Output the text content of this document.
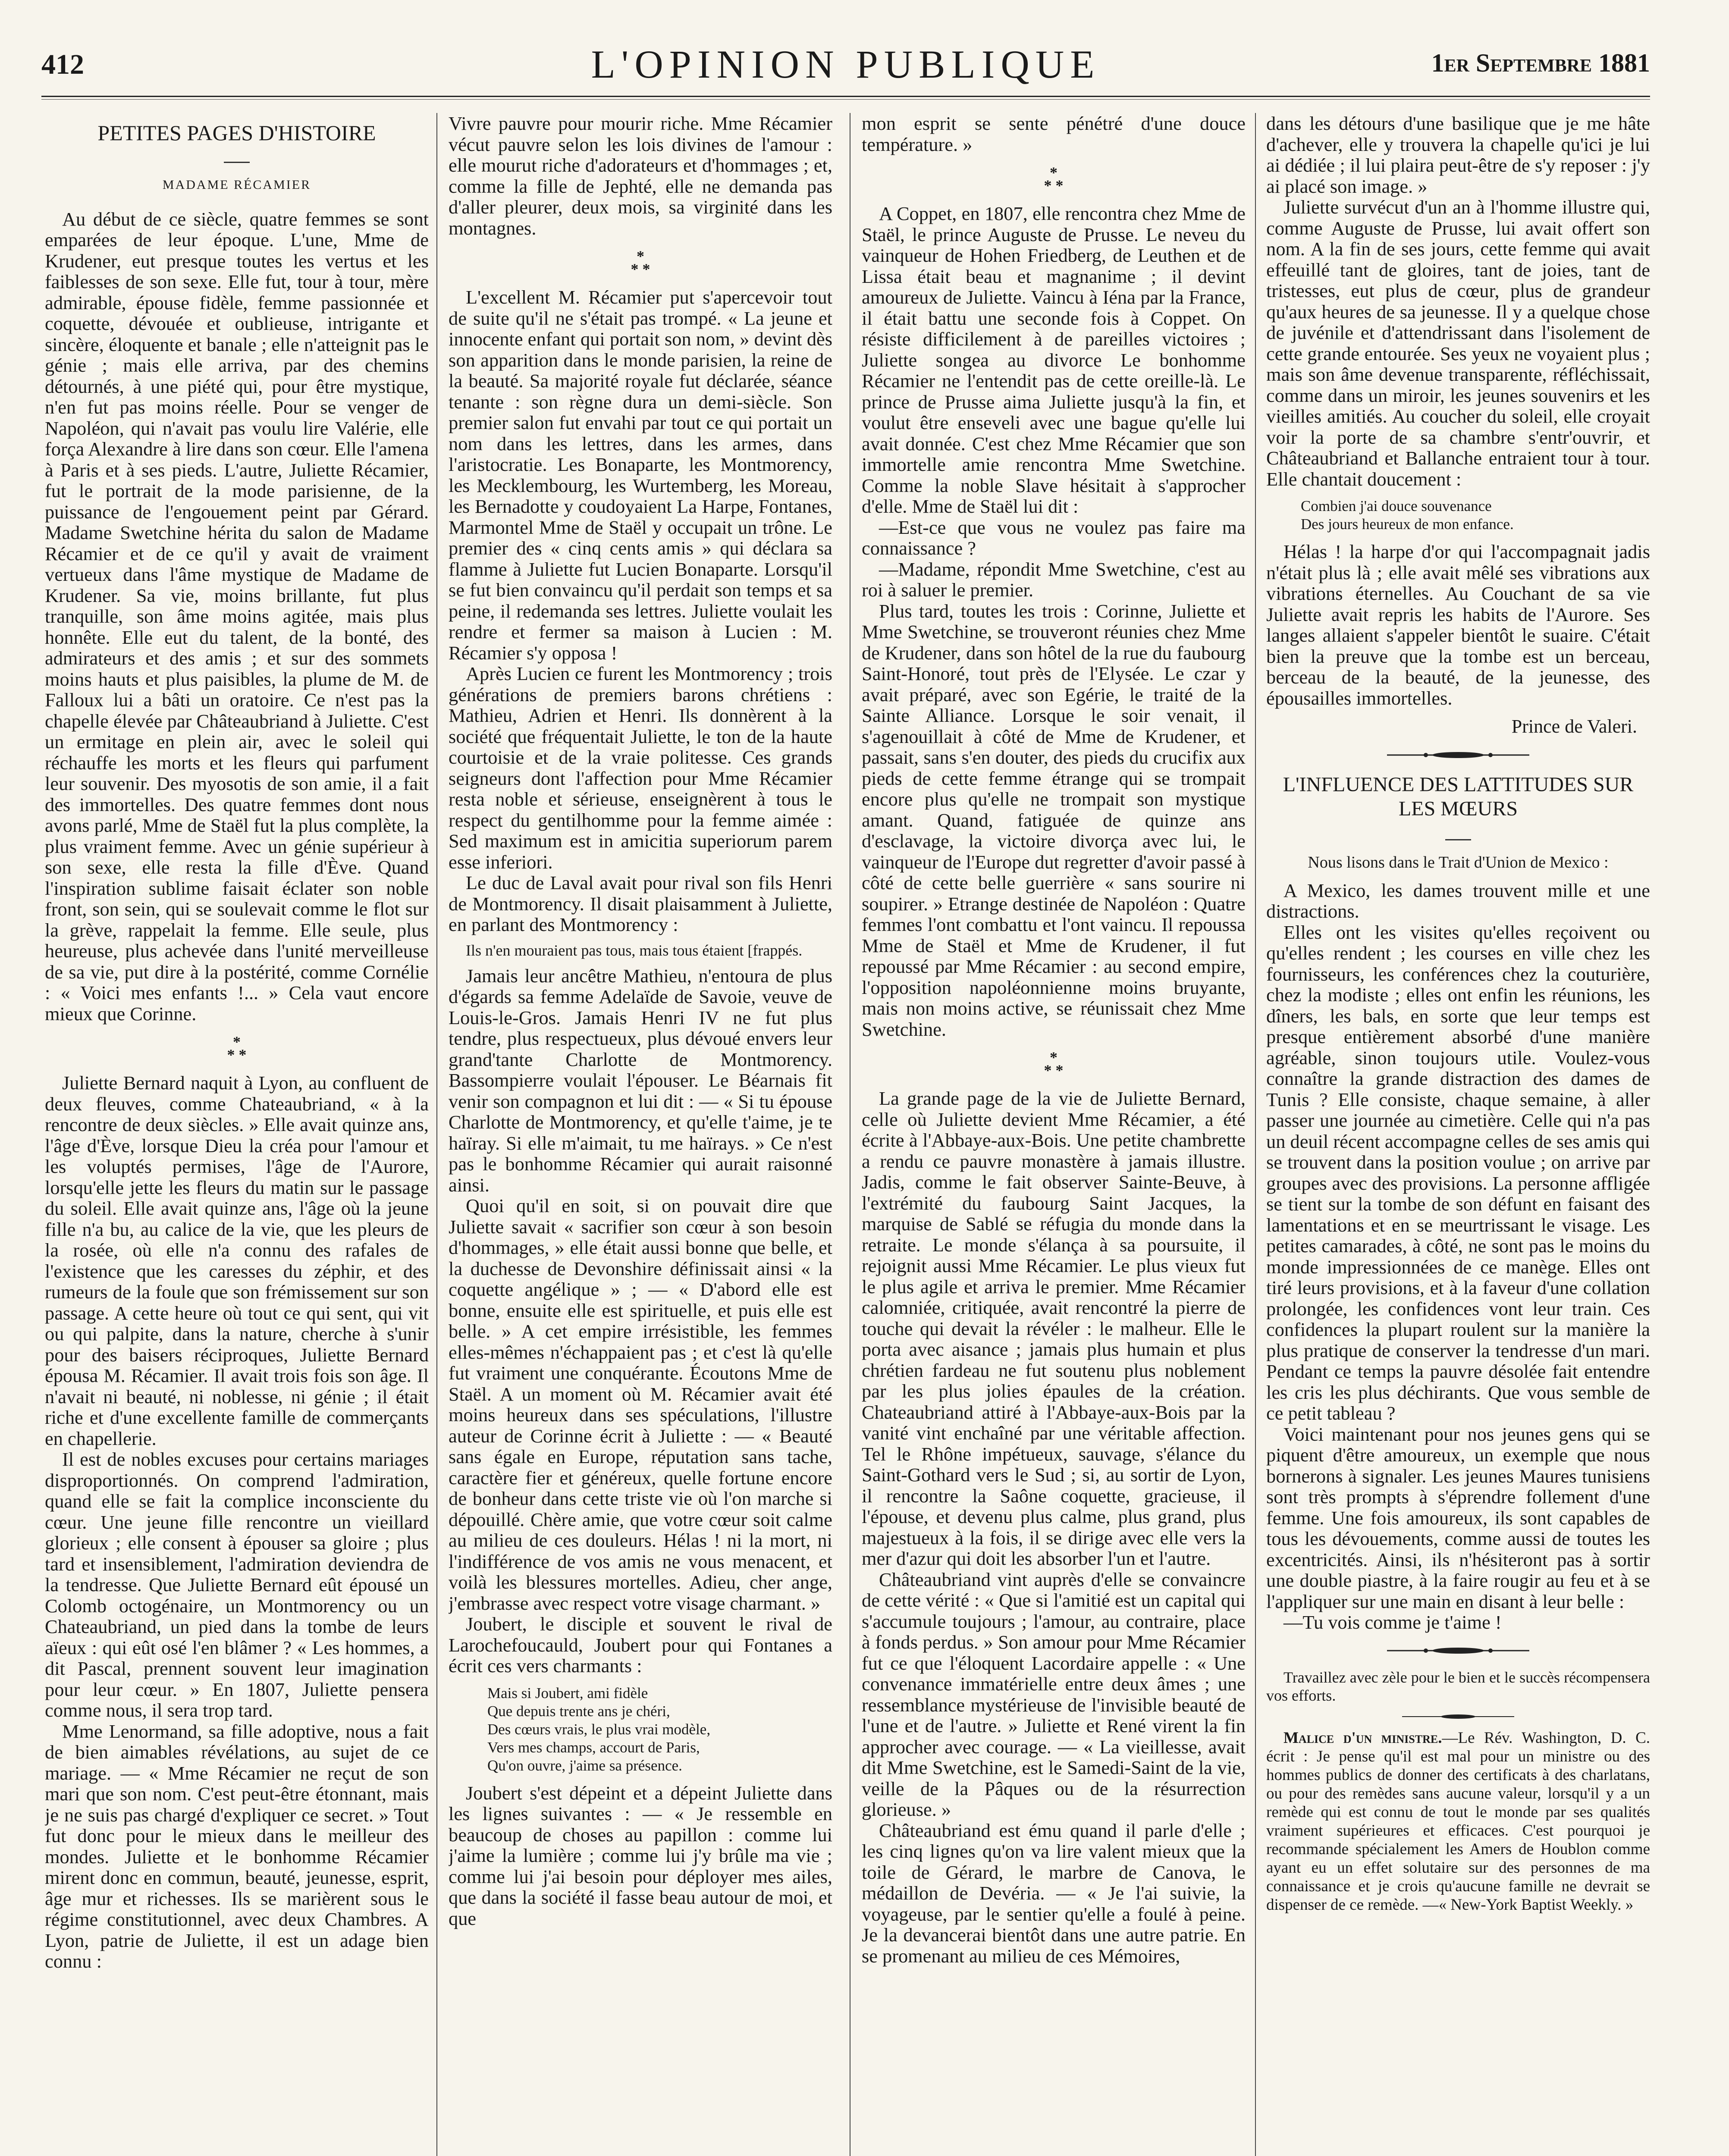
412	L'OPINION PUBLIQUE	1er Septembre 1881
PETITES PAGES D'HISTOIRE
MADAME RÉCAMIER

Au début de ce siècle, quatre femmes se sont emparées de leur époque. L'une, Mme de Krudener, eut presque toutes les vertus et les faiblesses de son sexe. Elle fut, tour à tour, mère admirable, épouse fidèle, femme passionnée et coquette, dévouée et oublieuse, intrigante et sincère, éloquente et banale ; elle n'atteignit pas le génie ; mais elle arriva, par des chemins détournés, à une piété qui, pour être mystique, n'en fut pas moins réelle. Pour se venger de Napoléon, qui n'avait pas voulu lire Valérie, elle força Alexandre à lire dans son cœur. Elle l'amena à Paris et à ses pieds. L'autre, Juliette Récamier, fut le portrait de la mode parisienne, de la puissance de l'engouement peint par Gérard. Madame Swetchine hérita du salon de Madame Récamier et de ce qu'il y avait de vraiment vertueux dans l'âme mystique de Madame de Krudener. Sa vie, moins brillante, fut plus tranquille, son âme moins agitée, mais plus honnête. Elle eut du talent, de la bonté, des admirateurs et des amis ; et sur des sommets moins hauts et plus paisibles, la plume de M. de Falloux lui a bâti un oratoire. Ce n'est pas la chapelle élevée par Châteaubriand à Juliette. C'est un ermitage en plein air, avec le soleil qui réchauffe les morts et les fleurs qui parfument leur souvenir. Des myosotis de son amie, il a fait des immortelles. Des quatre femmes dont nous avons parlé, Mme de Staël fut la plus complète, la plus vraiment femme. Avec un génie supérieur à son sexe, elle resta la fille d'Ève. Quand l'inspiration sublime faisait éclater son noble front, son sein, qui se soulevait comme le flot sur la grève, rappelait la femme. Elle seule, plus heureuse, plus achevée dans l'unité merveilleuse de sa vie, put dire à la postérité, comme Cornélie : « Voici mes enfants !... » Cela vaut encore mieux que Corinne.

*
* *

Juliette Bernard naquit à Lyon, au confluent de deux fleuves, comme Chateaubriand, « à la rencontre de deux siècles. » Elle avait quinze ans, l'âge d'Ève, lorsque Dieu la créa pour l'amour et les voluptés permises, l'âge de l'Aurore, lorsqu'elle jette les fleurs du matin sur le passage du soleil. Elle avait quinze ans, l'âge où la jeune fille n'a bu, au calice de la vie, que les pleurs de la rosée, où elle n'a connu des rafales de l'existence que les caresses du zéphir, et des rumeurs de la foule que son frémissement sur son passage. A cette heure où tout ce qui sent, qui vit ou qui palpite, dans la nature, cherche à s'unir pour des baisers réciproques, Juliette Bernard épousa M. Récamier. Il avait trois fois son âge. Il n'avait ni beauté, ni noblesse, ni génie ; il était riche et d'une excellente famille de commerçants en chapellerie.

Il est de nobles excuses pour certains mariages disproportionnés. On comprend l'admiration, quand elle se fait la complice inconsciente du cœur. Une jeune fille rencontre un vieillard glorieux ; elle consent à épouser sa gloire ; plus tard et insensiblement, l'admiration deviendra de la tendresse. Que Juliette Bernard eût épousé un Colomb octogénaire, un Montmorency ou un Chateaubriand, un pied dans la tombe de leurs aïeux : qui eût osé l'en blâmer ? « Les hommes, a dit Pascal, prennent souvent leur imagination pour leur cœur. » En 1807, Juliette pensera comme nous, il sera trop tard.

Mme Lenormand, sa fille adoptive, nous a fait de bien aimables révélations, au sujet de ce mariage. — « Mme Récamier ne reçut de son mari que son nom. C'est peut-être étonnant, mais je ne suis pas chargé d'expliquer ce secret. » Tout fut donc pour le mieux dans le meilleur des mondes. Juliette et le bonhomme Récamier mirent donc en commun, beauté, jeunesse, esprit, âge mur et richesses. Ils se marièrent sous le régime constitutionnel, avec deux Chambres. A Lyon, patrie de Juliette, il est un adage bien connu :

Vivre pauvre pour mourir riche. Mme Récamier vécut pauvre selon les lois divines de l'amour : elle mourut riche d'adorateurs et d'hommages ; et, comme la fille de Jephté, elle ne demanda pas d'aller pleurer, deux mois, sa virginité dans les montagnes.

*
* *

L'excellent M. Récamier put s'apercevoir tout de suite qu'il ne s'était pas trompé. « La jeune et innocente enfant qui portait son nom, » devint dès son apparition dans le monde parisien, la reine de la beauté. Sa majorité royale fut déclarée, séance tenante : son règne dura un demi-siècle. Son premier salon fut envahi par tout ce qui portait un nom dans les lettres, dans les armes, dans l'aristocratie. Les Bonaparte, les Montmorency, les Mecklembourg, les Wurtemberg, les Moreau, les Bernadotte y coudoyaient La Harpe, Fontanes, Marmontel Mme de Staël y occupait un trône. Le premier des « cinq cents amis » qui déclara sa flamme à Juliette fut Lucien Bonaparte. Lorsqu'il se fut bien convaincu qu'il perdait son temps et sa peine, il redemanda ses lettres. Juliette voulait les rendre et fermer sa maison à Lucien : M. Récamier s'y opposa !

Après Lucien ce furent les Montmorency ; trois générations de premiers barons chrétiens : Mathieu, Adrien et Henri. Ils donnèrent à la société que fréquentait Juliette, le ton de la haute courtoisie et de la vraie politesse. Ces grands seigneurs dont l'affection pour Mme Récamier resta noble et sérieuse, enseignèrent à tous le respect du gentilhomme pour la femme aimée : Sed maximum est in amicitia superiorum parem esse inferiori.

Le duc de Laval avait pour rival son fils Henri de Montmorency. Il disait plaisamment à Juliette, en parlant des Montmorency :

Ils n'en mouraient pas tous, mais tous étaient [frappés.

Jamais leur ancêtre Mathieu, n'entoura de plus d'égards sa femme Adelaïde de Savoie, veuve de Louis-le-Gros. Jamais Henri IV ne fut plus tendre, plus respectueux, plus dévoué envers leur grand'tante Charlotte de Montmorency. Bassompierre voulait l'épouser. Le Béarnais fit venir son compagnon et lui dit : — « Si tu épouse Charlotte de Montmorency, et qu'elle t'aime, je te haïray. Si elle m'aimait, tu me haïrays. » Ce n'est pas le bonhomme Récamier qui aurait raisonné ainsi.

Quoi qu'il en soit, si on pouvait dire que Juliette savait « sacrifier son cœur à son besoin d'hommages, » elle était aussi bonne que belle, et la duchesse de Devonshire définissait ainsi « la coquette angélique » ; — « D'abord elle est bonne, ensuite elle est spirituelle, et puis elle est belle. » A cet empire irrésistible, les femmes elles-mêmes n'échappaient pas ; et c'est là qu'elle fut vraiment une conquérante. Écoutons Mme de Staël. A un moment où M. Récamier avait été moins heureux dans ses spéculations, l'illustre auteur de Corinne écrit à Juliette : — « Beauté sans égale en Europe, réputation sans tache, caractère fier et généreux, quelle fortune encore de bonheur dans cette triste vie où l'on marche si dépouillé. Chère amie, que votre cœur soit calme au milieu de ces douleurs. Hélas ! ni la mort, ni l'indifférence de vos amis ne vous menacent, et voilà les blessures mortelles. Adieu, cher ange, j'embrasse avec respect votre visage charmant. »

Joubert, le disciple et souvent le rival de Larochefoucauld, Joubert pour qui Fontanes a écrit ces vers charmants :

Mais si Joubert, ami fidèle
Que depuis trente ans je chéri,
Des cœurs vrais, le plus vrai modèle,
Vers mes champs, accourt de Paris,
Qu'on ouvre, j'aime sa présence.

Joubert s'est dépeint et a dépeint Juliette dans les lignes suivantes : — « Je ressemble en beaucoup de choses au papillon : comme lui j'aime la lumière ; comme lui j'y brûle ma vie ; comme lui j'ai besoin pour déployer mes ailes, que dans la société il fasse beau autour de moi, et que

mon esprit se sente pénétré d'une douce température. »

*
* *

A Coppet, en 1807, elle rencontra chez Mme de Staël, le prince Auguste de Prusse. Le neveu du vainqueur de Hohen Friedberg, de Leuthen et de Lissa était beau et magnanime ; il devint amoureux de Juliette. Vaincu à Iéna par la France, il était battu une seconde fois à Coppet. On résiste difficilement à de pareilles victoires ; Juliette songea au divorce Le bonhomme Récamier ne l'entendit pas de cette oreille-là. Le prince de Prusse aima Juliette jusqu'à la fin, et voulut être enseveli avec une bague qu'elle lui avait donnée. C'est chez Mme Récamier que son immortelle amie rencontra Mme Swetchine. Comme la noble Slave hésitait à s'approcher d'elle. Mme de Staël lui dit :

—Est-ce que vous ne voulez pas faire ma connaissance ?

—Madame, répondit Mme Swetchine, c'est au roi à saluer le premier.

Plus tard, toutes les trois : Corinne, Juliette et Mme Swetchine, se trouveront réunies chez Mme de Krudener, dans son hôtel de la rue du faubourg Saint-Honoré, tout près de l'Elysée. Le czar y avait préparé, avec son Egérie, le traité de la Sainte Alliance. Lorsque le soir venait, il s'agenouillait à côté de Mme de Krudener, et passait, sans s'en douter, des pieds du crucifix aux pieds de cette femme étrange qui se trompait encore plus qu'elle ne trompait son mystique amant. Quand, fatiguée de quinze ans d'esclavage, la victoire divorça avec lui, le vainqueur de l'Europe dut regretter d'avoir passé à côté de cette belle guerrière « sans sourire ni soupirer. » Etrange destinée de Napoléon : Quatre femmes l'ont combattu et l'ont vaincu. Il repoussa Mme de Staël et Mme de Krudener, il fut repoussé par Mme Récamier : au second empire, l'opposition napoléonnienne moins bruyante, mais non moins active, se réunissait chez Mme Swetchine.

*
* *

La grande page de la vie de Juliette Bernard, celle où Juliette devient Mme Récamier, a été écrite à l'Abbaye-aux-Bois. Une petite chambrette a rendu ce pauvre monastère à jamais illustre. Jadis, comme le fait observer Sainte-Beuve, à l'extrémité du faubourg Saint Jacques, la marquise de Sablé se réfugia du monde dans la retraite. Le monde s'élança à sa poursuite, il rejoignit aussi Mme Récamier. Le plus vieux fut le plus agile et arriva le premier. Mme Récamier calomniée, critiquée, avait rencontré la pierre de touche qui devait la révéler : le malheur. Elle le porta avec aisance ; jamais plus humain et plus chrétien fardeau ne fut soutenu plus noblement par les plus jolies épaules de la création. Chateaubriand attiré à l'Abbaye-aux-Bois par la vanité vint enchaîné par une véritable affection. Tel le Rhône impétueux, sauvage, s'élance du Saint-Gothard vers le Sud ; si, au sortir de Lyon, il rencontre la Saône coquette, gracieuse, il l'épouse, et devenu plus calme, plus grand, plus majestueux à la fois, il se dirige avec elle vers la mer d'azur qui doit les absorber l'un et l'autre.

Châteaubriand vint auprès d'elle se convaincre de cette vérité : « Que si l'amitié est un capital qui s'accumule toujours ; l'amour, au contraire, place à fonds perdus. » Son amour pour Mme Récamier fut ce que l'éloquent Lacordaire appelle : « Une convenance immatérielle entre deux âmes ; une ressemblance mystérieuse de l'invisible beauté de l'une et de l'autre. » Juliette et René virent la fin approcher avec courage. — « La vieillesse, avait dit Mme Swetchine, est le Samedi-Saint de la vie, veille de la Pâques ou de la résurrection glorieuse. »

Châteaubriand est ému quand il parle d'elle ; les cinq lignes qu'on va lire valent mieux que la toile de Gérard, le marbre de Canova, le médaillon de Devéria. — « Je l'ai suivie, la voyageuse, par le sentier qu'elle a foulé à peine. Je la devancerai bientôt dans une autre patrie. En se promenant au milieu de ces Mémoires,

dans les détours d'une basilique que je me hâte d'achever, elle y trouvera la chapelle qu'ici je lui ai dédiée ; il lui plaira peut-être de s'y reposer : j'y ai placé son image. »

Juliette survécut d'un an à l'homme illustre qui, comme Auguste de Prusse, lui avait offert son nom. A la fin de ses jours, cette femme qui avait effeuillé tant de gloires, tant de joies, tant de tristesses, eut plus de cœur, plus de grandeur qu'aux heures de sa jeunesse. Il y a quelque chose de juvénile et d'attendrissant dans l'isolement de cette grande entourée. Ses yeux ne voyaient plus ; mais son âme devenue transparente, réfléchissait, comme dans un miroir, les jeunes souvenirs et les vieilles amitiés. Au coucher du soleil, elle croyait voir la porte de sa chambre s'entr'ouvrir, et Châteaubriand et Ballanche entraient tour à tour. Elle chantait doucement :

Combien j'ai douce souvenance
Des jours heureux de mon enfance.

Hélas ! la harpe d'or qui l'accompagnait jadis n'était plus là ; elle avait mêlé ses vibrations aux vibrations éternelles. Au Couchant de sa vie Juliette avait repris les habits de l'Aurore. Ses langes allaient s'appeler bientôt le suaire. C'était bien la preuve que la tombe est un berceau, berceau de la beauté, de la jeunesse, des épousailles immortelles.

Prince de Valeri.
L'INFLUENCE DES LATTITUDES SUR LES MŒURS
Nous lisons dans le Trait d'Union de Mexico :

A Mexico, les dames trouvent mille et une distractions.

Elles ont les visites qu'elles reçoivent ou qu'elles rendent ; les courses en ville chez les fournisseurs, les conférences chez la couturière, chez la modiste ; elles ont enfin les réunions, les dîners, les bals, en sorte que leur temps est presque entièrement absorbé d'une manière agréable, sinon toujours utile. Voulez-vous connaître la grande distraction des dames de Tunis ? Elle consiste, chaque semaine, à aller passer une journée au cimetière. Celle qui n'a pas un deuil récent accompagne celles de ses amis qui se trouvent dans la position voulue ; on arrive par groupes avec des provisions. La personne affligée se tient sur la tombe de son défunt en faisant des lamentations et en se meurtrissant le visage. Les petites camarades, à côté, ne sont pas le moins du monde impressionnées de ce manège. Elles ont tiré leurs provisions, et à la faveur d'une collation prolongée, les confidences vont leur train. Ces confidences la plupart roulent sur la manière la plus pratique de conserver la tendresse d'un mari. Pendant ce temps la pauvre désolée fait entendre les cris les plus déchirants. Que vous semble de ce petit tableau ?

Voici maintenant pour nos jeunes gens qui se piquent d'être amoureux, un exemple que nous bornerons à signaler. Les jeunes Maures tunisiens sont très prompts à s'éprendre follement d'une femme. Une fois amoureux, ils sont capables de tous les dévouements, comme aussi de toutes les excentricités. Ainsi, ils n'hésiteront pas à sortir une double piastre, à la faire rougir au feu et à se l'appliquer sur une main en disant à leur belle :

—Tu vois comme je t'aime !

Travaillez avec zèle pour le bien et le succès récompensera vos efforts.

Malice d'un ministre.—Le Rév. Washington, D. C. écrit : Je pense qu'il est mal pour un ministre ou des hommes publics de donner des certificats à des charlatans, ou pour des remèdes sans aucune valeur, lorsqu'il y a un remède qui est connu de tout le monde par ses qualités vraiment supérieures et efficaces. C'est pourquoi je recommande spécialement les Amers de Houblon comme ayant eu un effet solutaire sur des personnes de ma connaissance et je crois qu'aucune famille ne devrait se dispenser de ce remède. —« New-York Baptist Weekly. »
